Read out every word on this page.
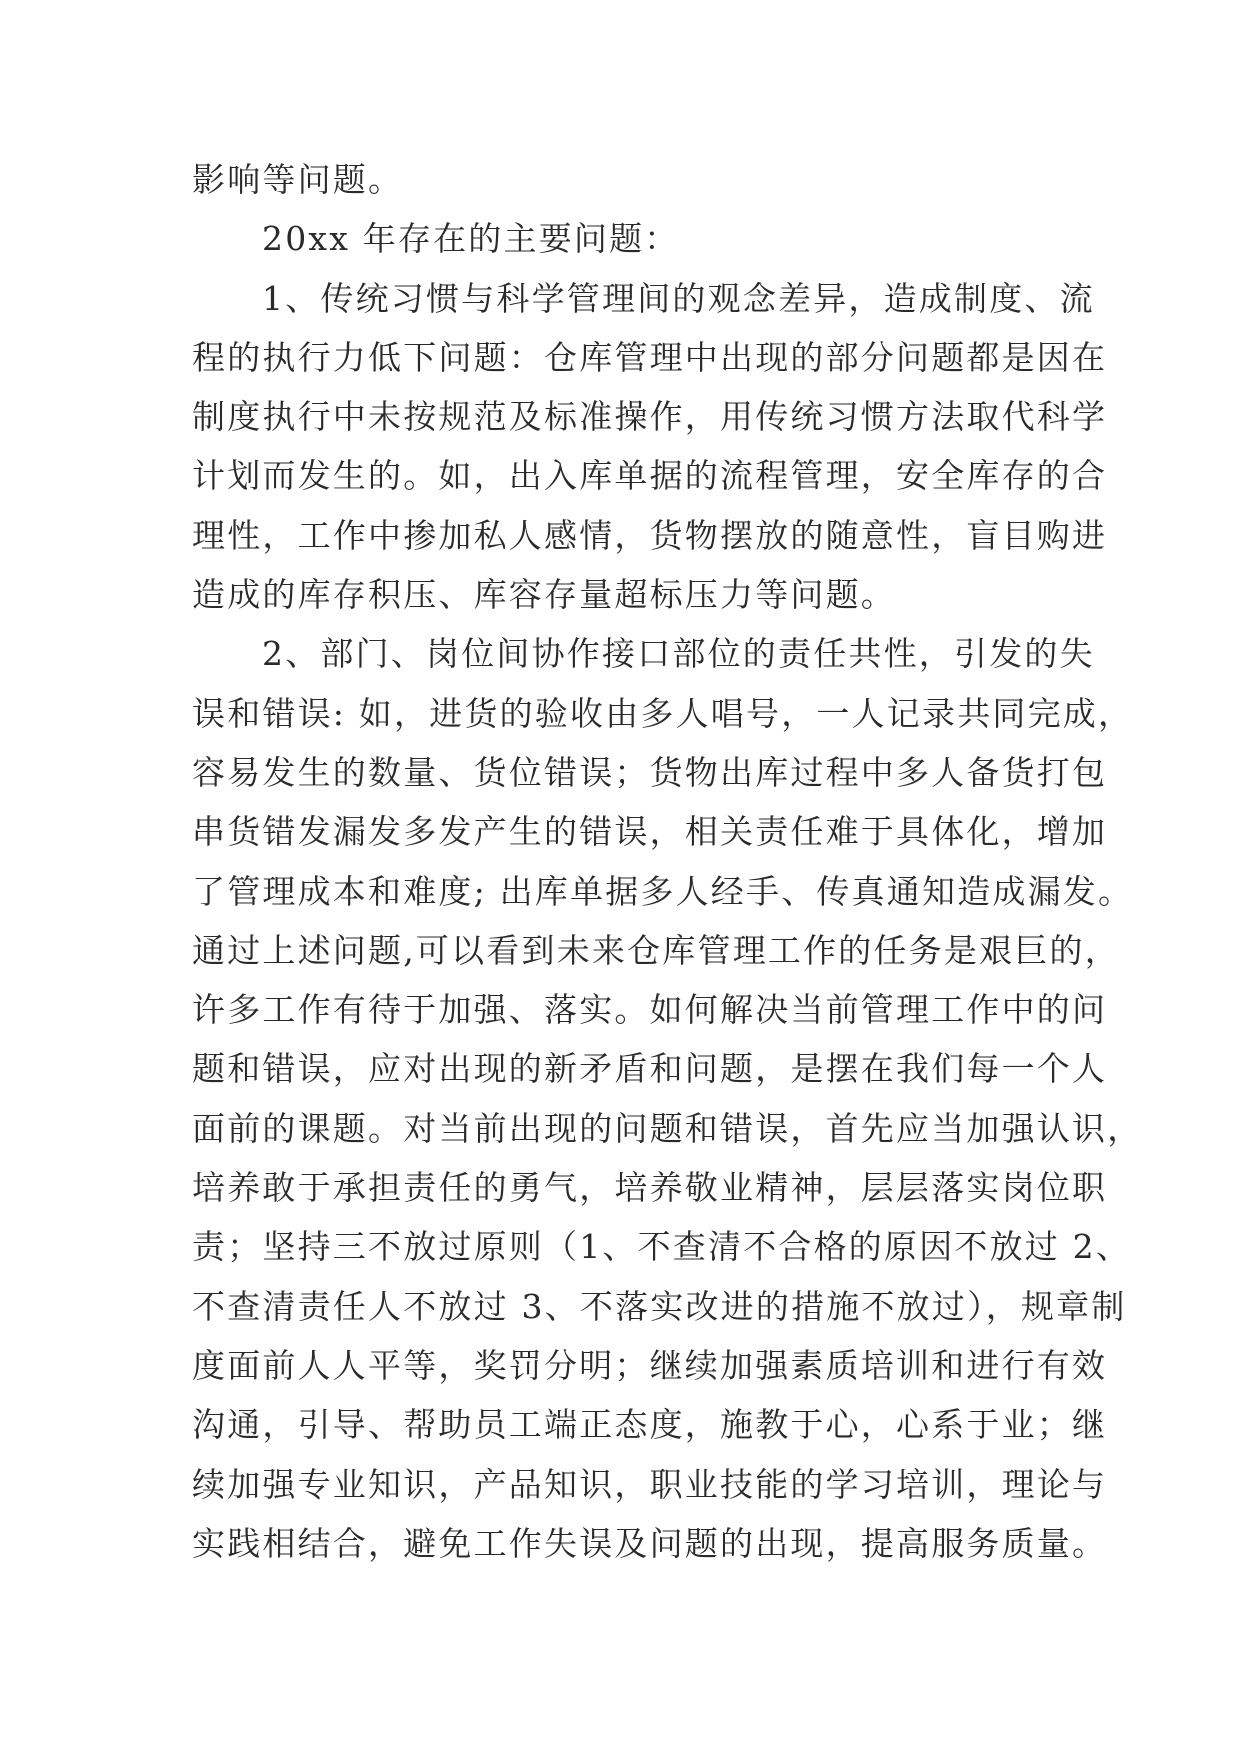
影响等问题。
20xx 年存在的主要问题：
1、传统习惯与科学管理间的观念差异，造成制度、流
程的执行力低下问题：仓库管理中出现的部分问题都是因在
制度执行中未按规范及标准操作，用传统习惯方法取代科学
计划而发生的。如，出入库单据的流程管理，安全库存的合
理性，工作中掺加私人感情，货物摆放的随意性，盲目购进
造成的库存积压、库容存量超标压力等问题。
2、部门、岗位间协作接口部位的责任共性，引发的失
误和错误: 如，进货的验收由多人唱号，一人记录共同完成，
容易发生的数量、货位错误；货物出库过程中多人备货打包
串货错发漏发多发产生的错误，相关责任难于具体化，增加
了管理成本和难度; 出库单据多人经手、传真通知造成漏发。
通过上述问题,可以看到未来仓库管理工作的任务是艰巨的，
许多工作有待于加强、落实。如何解决当前管理工作中的问
题和错误，应对出现的新矛盾和问题，是摆在我们每一个人
面前的课题。对当前出现的问题和错误，首先应当加强认识，
培养敢于承担责任的勇气，培养敬业精神，层层落实岗位职
责；坚持三不放过原则（1、不查清不合格的原因不放过 2、
不查清责任人不放过 3、不落实改进的措施不放过），规章制
度面前人人平等，奖罚分明；继续加强素质培训和进行有效
沟通，引导、帮助员工端正态度，施教于心，心系于业；继
续加强专业知识，产品知识，职业技能的学习培训，理论与
实践相结合，避免工作失误及问题的出现，提高服务质量。
